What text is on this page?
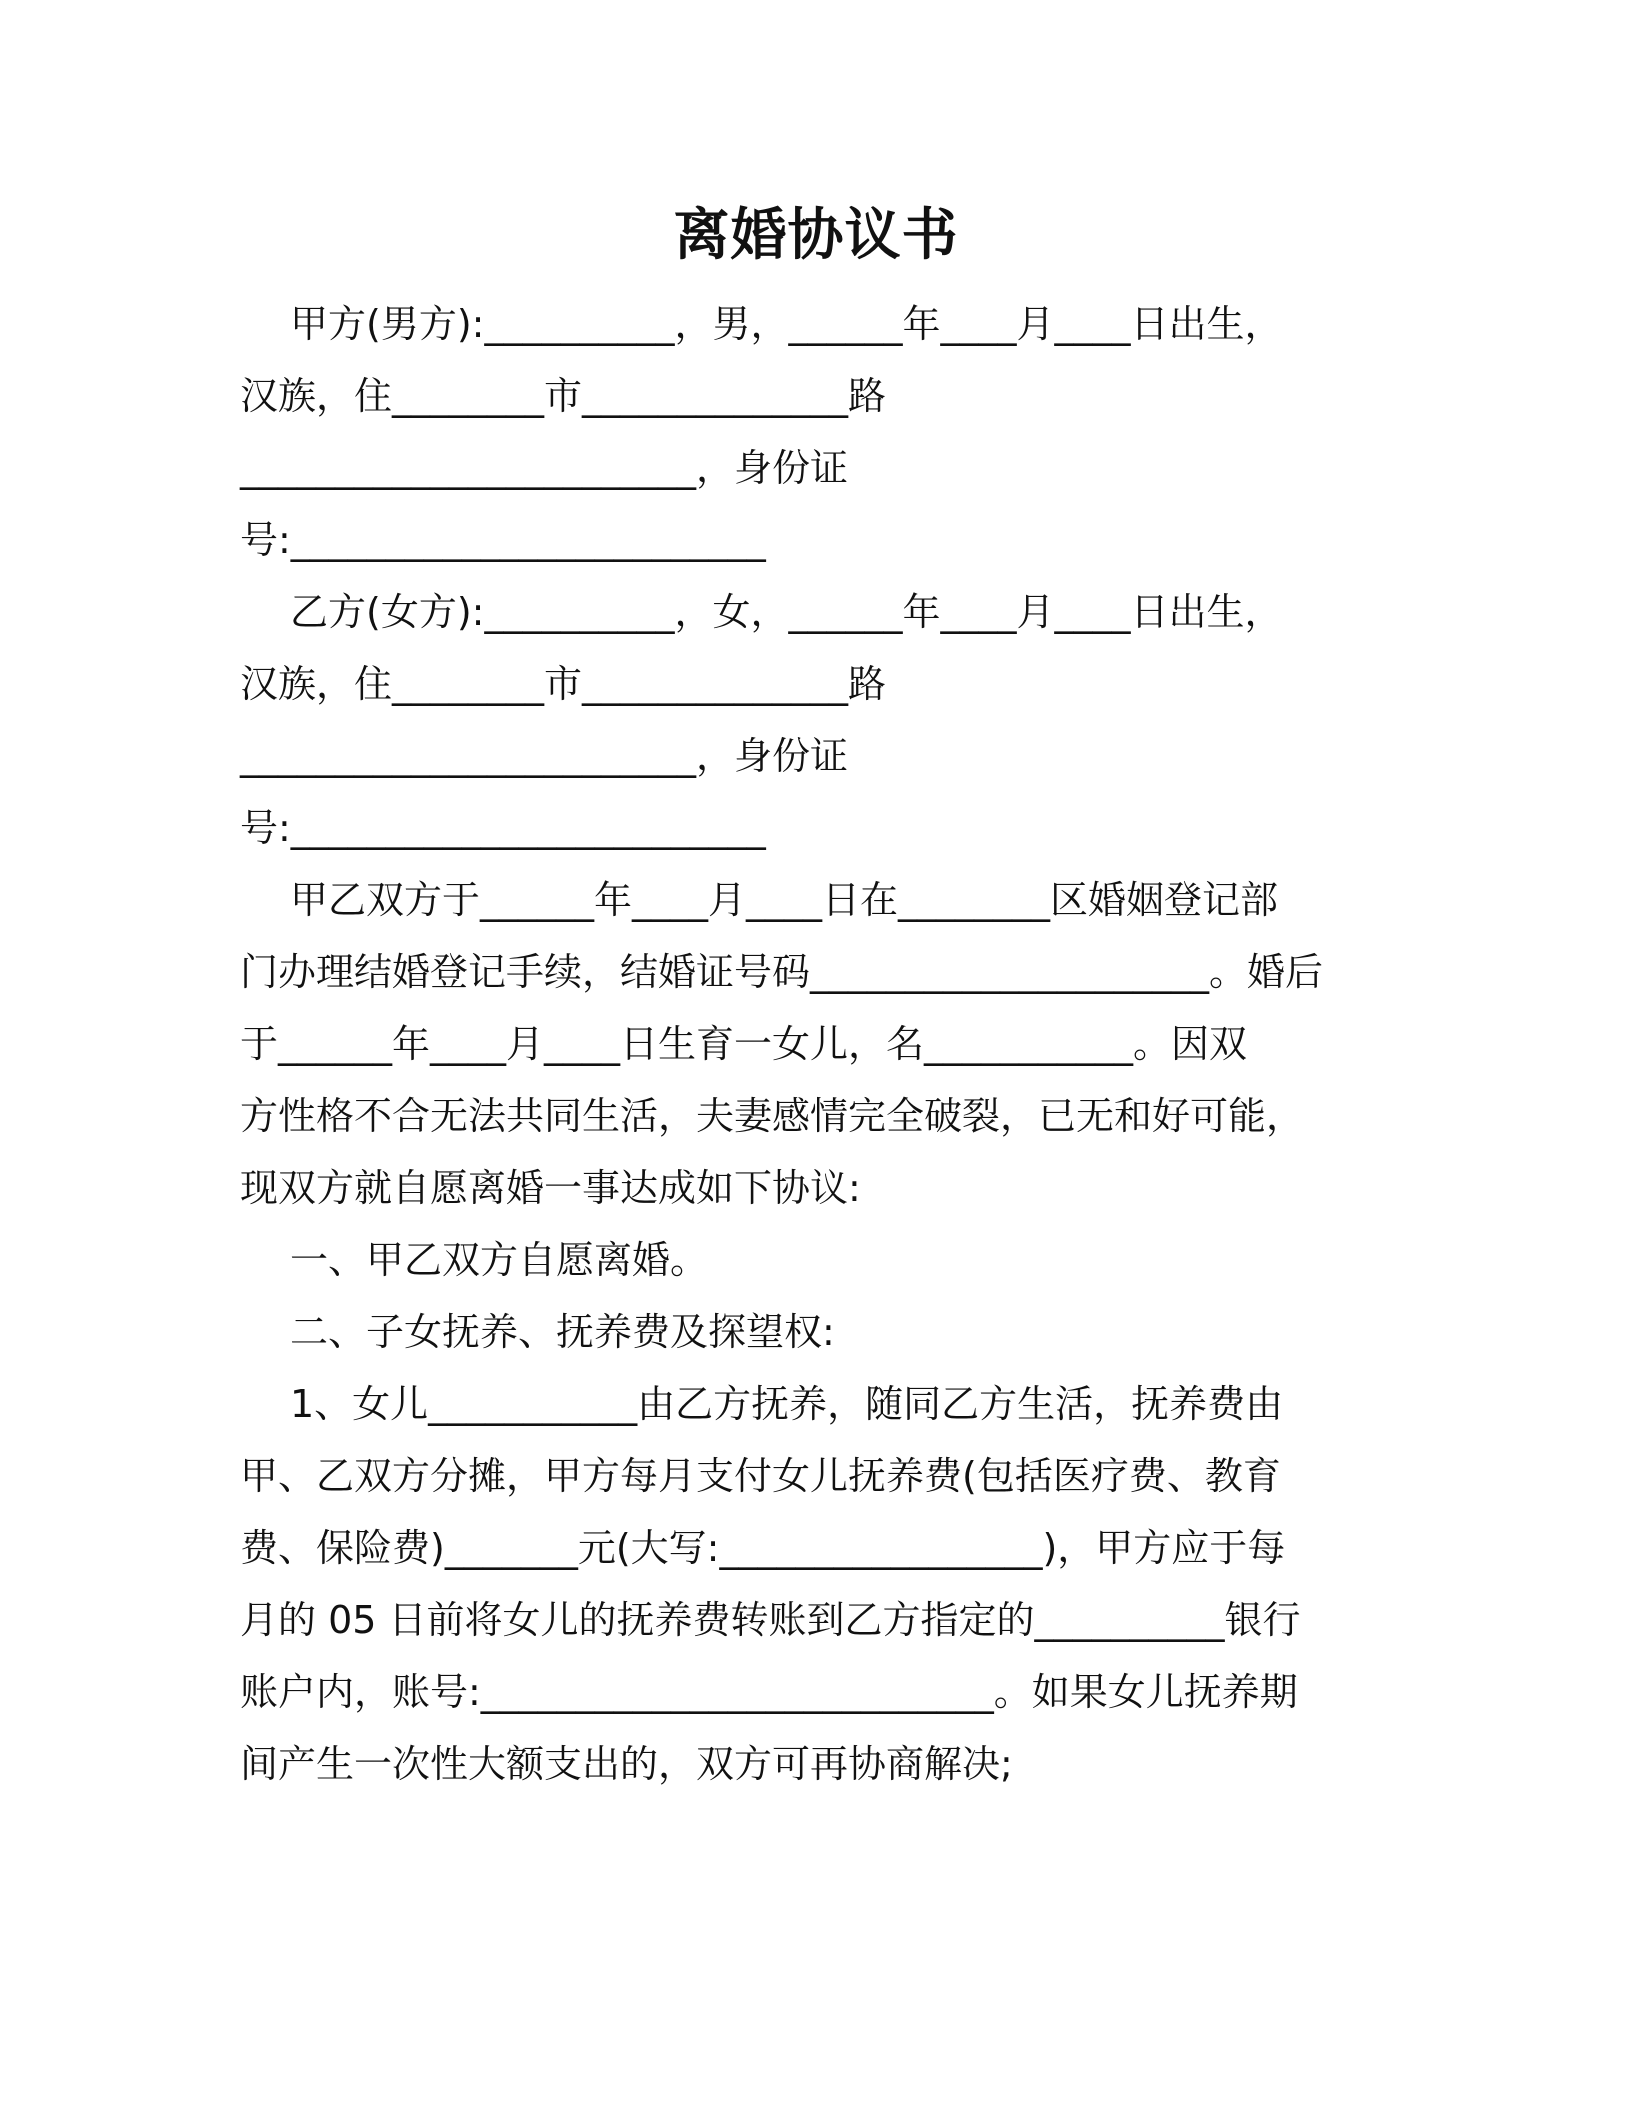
离婚协议书
甲方(男方):__________，男，______年____月____日出生，
汉族，住________市______________路
________________________，身份证
号:_________________________
乙方(女方):__________，女，______年____月____日出生，
汉族，住________市______________路
________________________，身份证
号:_________________________
甲乙双方于______年____月____日在________区婚姻登记部
门办理结婚登记手续，结婚证号码_____________________。婚后
于______年____月____日生育一女儿，名___________。因双
方性格不合无法共同生活，夫妻感情完全破裂，已无和好可能，
现双方就自愿离婚一事达成如下协议:
一、甲乙双方自愿离婚。
二、子女抚养、抚养费及探望权:
1、女儿___________由乙方抚养，随同乙方生活，抚养费由
甲、乙双方分摊，甲方每月支付女儿抚养费(包括医疗费、教育
费、保险费)_______元(大写:_________________)，甲方应于每
月的 05 日前将女儿的抚养费转账到乙方指定的__________银行
账户内，账号:___________________________。如果女儿抚养期
间产生一次性大额支出的，双方可再协商解决;
